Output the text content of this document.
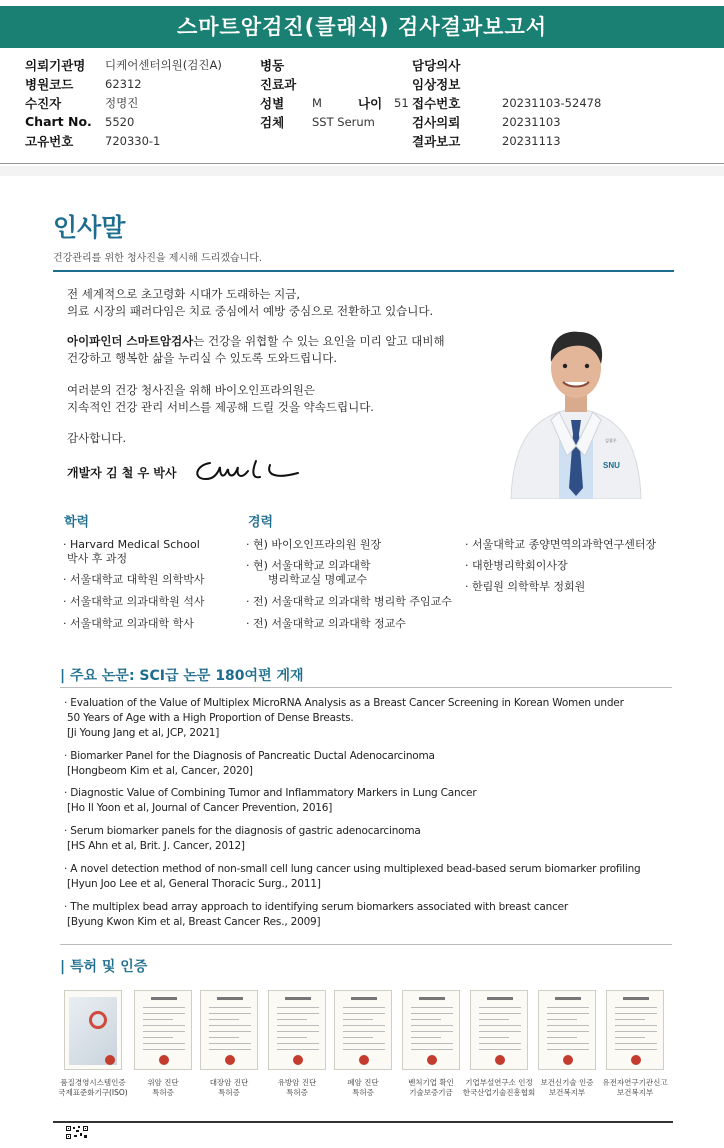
스마트암검진(클래식) 검사결과보고서
의뢰기관명	디케어센터의원(검진A)
병원코드	62312
수진자	정명진
Chart No.	5520
고유번호	720330-1
병동
진료과
성별	M	나이	51
검체	SST Serum
담당의사
임상정보
접수번호	20231103-52478
검사의뢰	20231103
결과보고	20231113
인사말
건강관리를 위한 청사진을 제시해 드리겠습니다.
전 세계적으로 초고령화 시대가 도래하는 지금,
의료 시장의 패러다임은 치료 중심에서 예방 중심으로 전환하고 있습니다.
아이파인더 스마트암검사는 건강을 위협할 수 있는 요인을 미리 알고 대비해
건강하고 행복한 삶을 누리실 수 있도록 도와드립니다.
여러분의 건강 청사진을 위해 바이오인프라의원은
지속적인 건강 관리 서비스를 제공해 드릴 것을 약속드립니다.
감사합니다.
개발자 김 철 우 박사
SNU
김철우
학력	경력
· Harvard Medical School
박사 후 과정
· 서울대학교 대학원 의학박사
· 서울대학교 의과대학원 석사
· 서울대학교 의과대학 학사
· 현) 바이오인프라의원 원장
· 현) 서울대학교 의과대학
병리학교실 명예교수
· 전) 서울대학교 의과대학 병리학 주임교수
· 전) 서울대학교 의과대학 정교수
· 서울대학교 종양면역의과학연구센터장
· 대한병리학회이사장
· 한림원 의학학부 정회원
| 주요 논문: SCI급 논문 180여편 게재
· Evaluation of the Value of Multiplex MicroRNA Analysis as a Breast Cancer Screening in Korean Women under
50 Years of Age with a High Proportion of Dense Breasts.
[Ji Young Jang et al, JCP, 2021]
· Biomarker Panel for the Diagnosis of Pancreatic Ductal Adenocarcinoma
[Hongbeom Kim et al, Cancer, 2020]
· Diagnostic Value of Combining Tumor and Inflammatory Markers in Lung Cancer
[Ho Il Yoon et al, Journal of Cancer Prevention, 2016]
· Serum biomarker panels for the diagnosis of gastric adenocarcinoma
[HS Ahn et al, Brit. J. Cancer, 2012]
· A novel detection method of non-small cell lung cancer using multiplexed bead-based serum biomarker profiling
[Hyun Joo Lee et al, General Thoracic Surg., 2011]
· The multiplex bead array approach to identifying serum biomarkers associated with breast cancer
[Byung Kwon Kim et al, Breast Cancer Res., 2009]
| 특허 및 인증
품질경영시스템인증
국제표준화기구(ISO)
위암 진단
특허증
대장암 진단
특허증
유방암 진단
특허증
폐암 진단
특허증
벤처기업 확인
기술보증기금
기업부설연구소 인정
한국산업기술진흥협회
보건신기술 인증
보건복지부
유전자연구기관신고
보건복지부
